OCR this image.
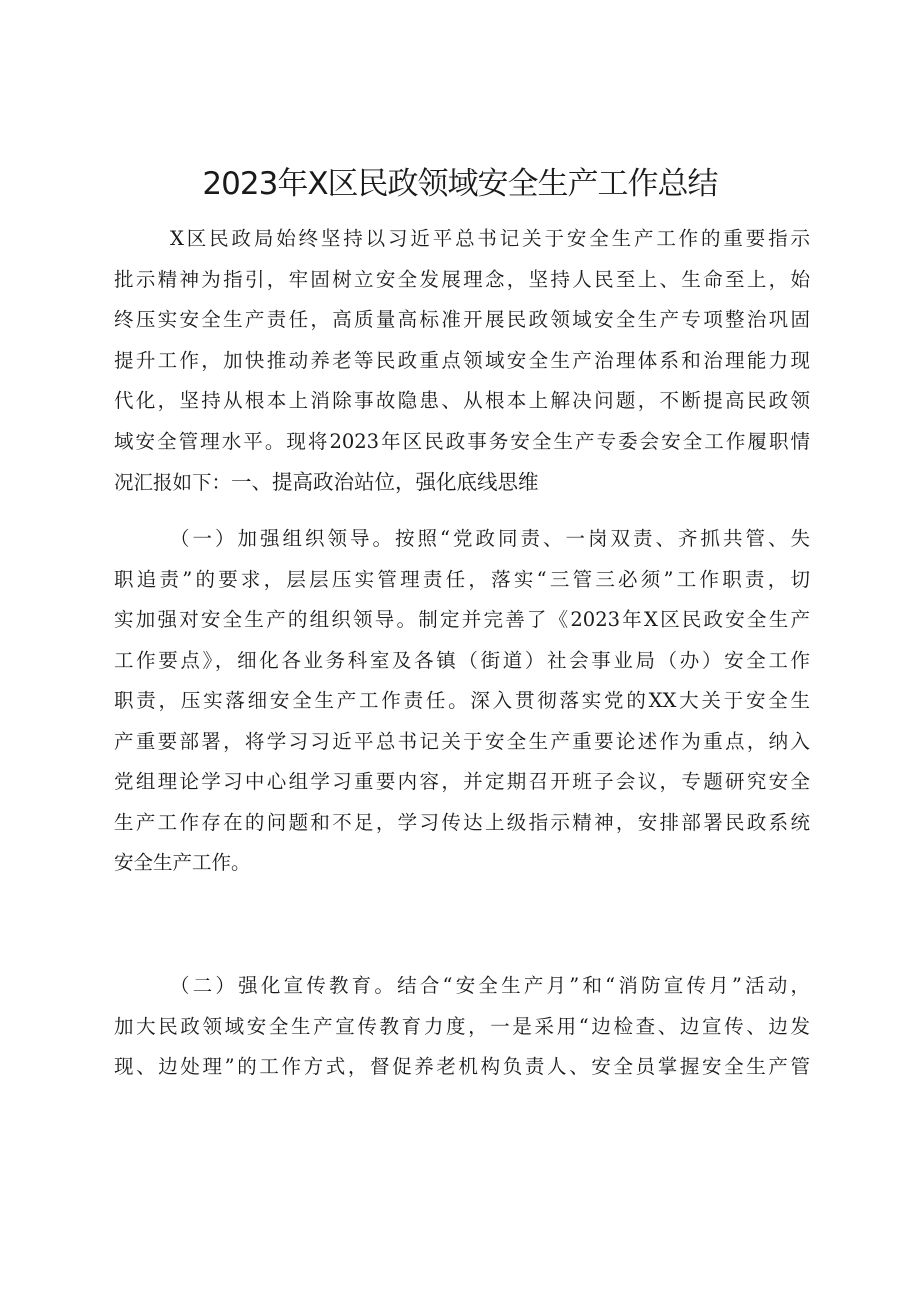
2023年X区民政领域安全生产工作总结
X区民政局始终坚持以习近平总书记关于安全生产工作的重要指示
批示精神为指引，牢固树立安全发展理念，坚持人民至上、生命至上，始
终压实安全生产责任，高质量高标准开展民政领域安全生产专项整治巩固
提升工作，加快推动养老等民政重点领域安全生产治理体系和治理能力现
代化，坚持从根本上消除事故隐患、从根本上解决问题，不断提高民政领
域安全管理水平。现将2023年区民政事务安全生产专委会安全工作履职情
况汇报如下：一、提高政治站位，强化底线思维
（一）加强组织领导。按照“党政同责、一岗双责、齐抓共管、失
职追责”的要求，层层压实管理责任，落实“三管三必须”工作职责，切
实加强对安全生产的组织领导。制定并完善了《2023年X区民政安全生产
工作要点》，细化各业务科室及各镇（街道）社会事业局（办）安全工作
职责，压实落细安全生产工作责任。深入贯彻落实党的XX大关于安全生
产重要部署，将学习习近平总书记关于安全生产重要论述作为重点，纳入
党组理论学习中心组学习重要内容，并定期召开班子会议，专题研究安全
生产工作存在的问题和不足，学习传达上级指示精神，安排部署民政系统
安全生产工作。
（二）强化宣传教育。结合“安全生产月”和“消防宣传月”活动，
加大民政领域安全生产宣传教育力度，一是采用“边检查、边宣传、边发
现、边处理”的工作方式，督促养老机构负责人、安全员掌握安全生产管
